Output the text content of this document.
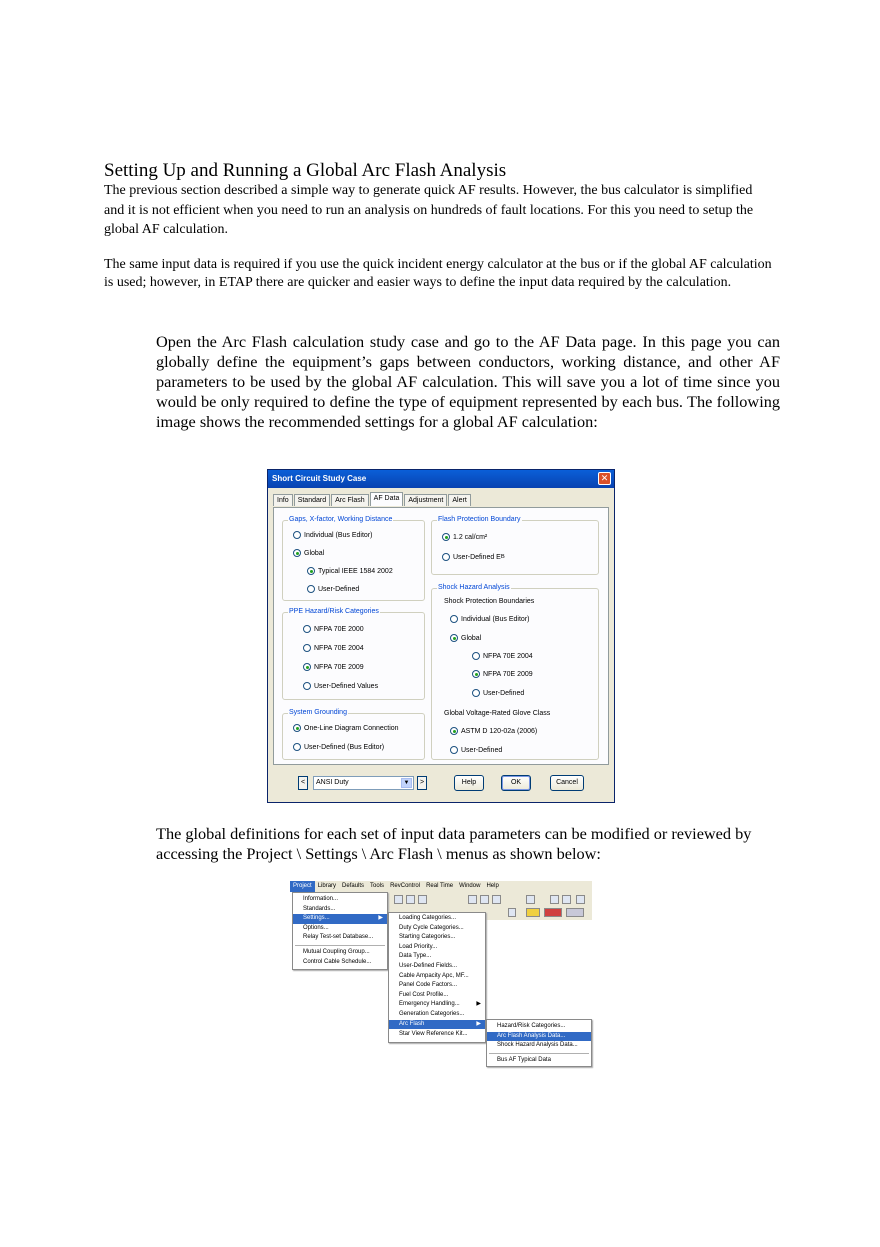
Setting Up and Running a Global Arc Flash Analysis
The previous section described a simple way to generate quick AF results. However, the bus calculator is simplified and it is not efficient when you need to run an analysis on hundreds of fault locations. For this you need to setup the global AF calculation.
The same input data is required if you use the quick incident energy calculator at the bus or if the global AF calculation is used; however, in ETAP there are quicker and easier ways to define the input data required by the calculation.
Open the Arc Flash calculation study case and go to the AF Data page. In this page you can globally define the equipment’s gaps between conductors, working distance, and other AF parameters to be used by the global AF calculation. This will save you a lot of time since you would be only required to define the type of equipment represented by each bus. The following image shows the recommended settings for a global AF calculation:
The global definitions for each set of input data parameters can be modified or reviewed by accessing the Project \ Settings \ Arc Flash \ menus as shown below:
Short Circuit Study Case	✕
Info	Standard	Arc Flash	AF Data	Adjustment	Alert
Gaps, X-factor, Working Distance
Individual (Bus Editor)
Global
Typical IEEE 1584 2002
User-Defined
PPE Hazard/Risk Categories
NFPA 70E 2000
NFPA 70E 2004
NFPA 70E 2009
User-Defined Values
System Grounding
One-Line Diagram Connection
User-Defined (Bus Editor)
Flash Protection Boundary
1.2 cal/cm²
User-Defined E B
Shock Hazard Analysis
Shock Protection Boundaries
Individual (Bus Editor)
Global
NFPA 70E 2004
NFPA 70E 2009
User-Defined
Global Voltage-Rated Glove Class
ASTM D 120-02a (2006)
User-Defined
<	ANSI Duty	▼	>	Help	OK	Cancel
Project	Library	Defaults	Tools	RevControl	Real Time	Window	Help
Information...
Standards...
Settings...	▶
Options...
Relay Test-set Database...
Mutual Coupling Group...
Control Cable Schedule...
Loading Categories...
Duty Cycle Categories...
Starting Categories...
Load Priority...
Data Type...
User-Defined Fields...
Cable Ampacity Apc, MF...
Panel Code Factors...
Fuel Cost Profile...
Emergency Handling...	▶
Generation Categories...
Arc Flash	▶
Star View Reference Kit...
Hazard/Risk Categories...
Arc Flash Analysis Data...
Shock Hazard Analysis Data...
Bus AF Typical Data
